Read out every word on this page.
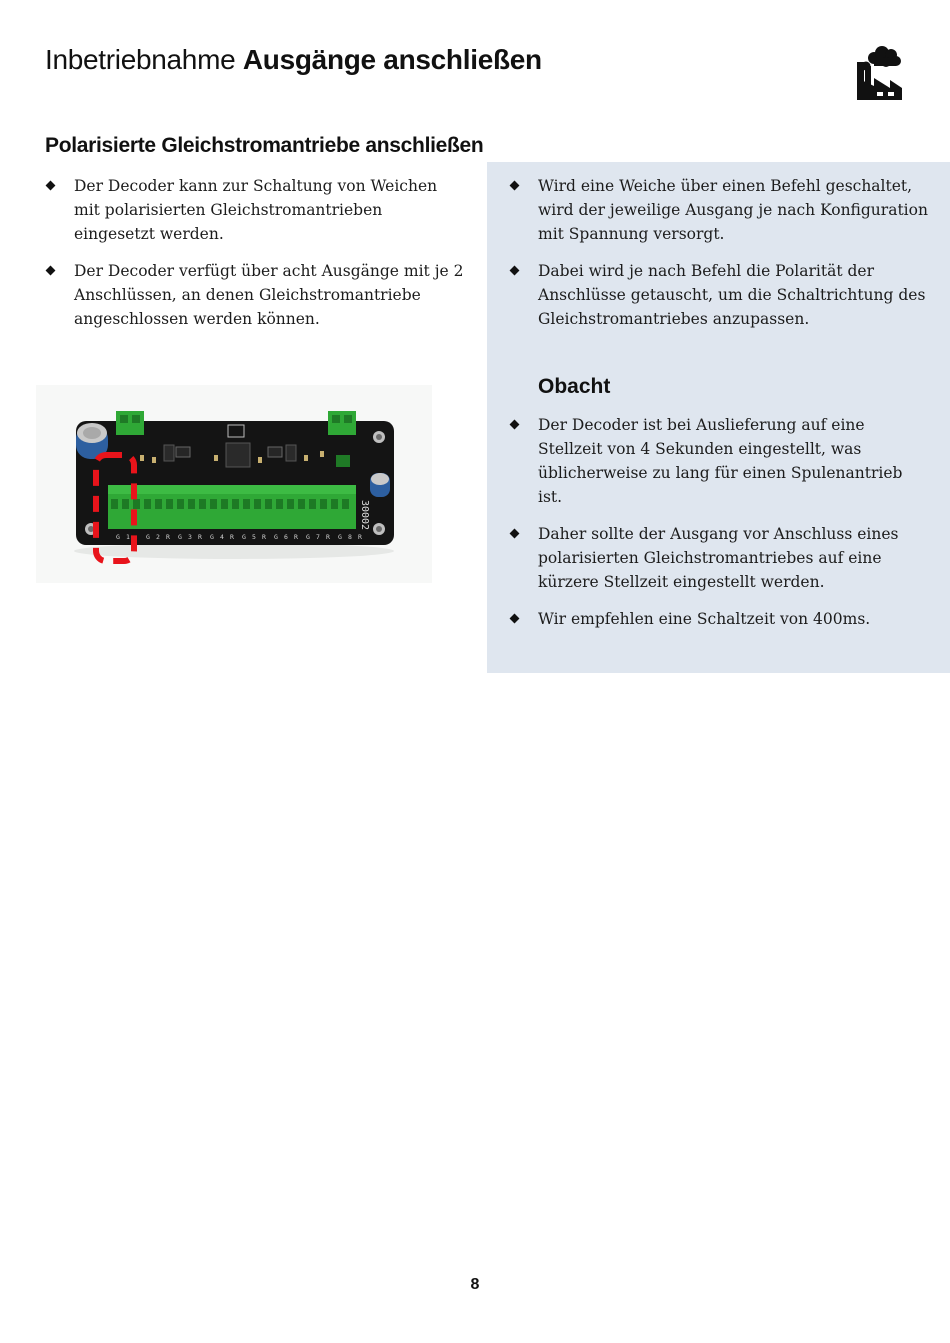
Inbetriebnahme Ausgänge anschließen
Polarisierte Gleichstromantriebe anschließen
Der Decoder kann zur Schaltung von Weichen mit polarisierten Gleichstromantrieben eingesetzt werden.
Der Decoder verfügt über acht Ausgänge mit je 2 Anschlüssen, an denen Gleichstromantriebe angeschlossen werden können.
30002
G 1 G 2 R G 3 R G 4 R G 5 R G 6 R G 7 R G 8 R
Wird eine Weiche über einen Befehl geschaltet, wird der jeweilige Ausgang je nach Konfiguration mit Spannung versorgt.
Dabei wird je nach Befehl die Polarität der Anschlüsse getauscht, um die Schaltrichtung des Gleichstromantriebes anzupassen.
Obacht
Der Decoder ist bei Auslieferung auf eine Stellzeit von 4 Sekunden eingestellt, was üblicherweise zu lang für einen Spulenantrieb ist.
Daher sollte der Ausgang vor Anschluss eines polarisierten Gleichstromantriebes auf eine kürzere Stellzeit eingestellt werden.
Wir empfehlen eine Schaltzeit von 400ms.
8
